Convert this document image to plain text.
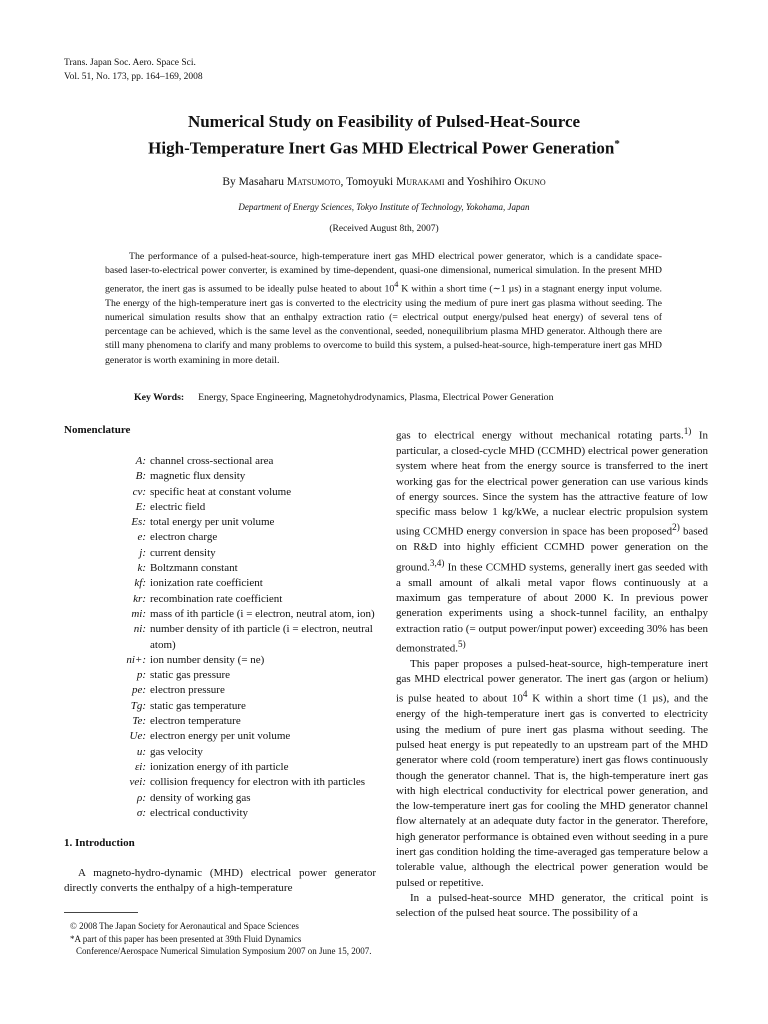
Trans. Japan Soc. Aero. Space Sci.
Vol. 51, No. 173, pp. 164–169, 2008
Numerical Study on Feasibility of Pulsed-Heat-Source
High-Temperature Inert Gas MHD Electrical Power Generation*
By Masaharu Matsumoto, Tomoyuki Murakami and Yoshihiro Okuno
Department of Energy Sciences, Tokyo Institute of Technology, Yokohama, Japan
(Received August 8th, 2007)
The performance of a pulsed-heat-source, high-temperature inert gas MHD electrical power generator, which is a candidate space-based laser-to-electrical power converter, is examined by time-dependent, quasi-one dimensional, numerical simulation. In the present MHD generator, the inert gas is assumed to be ideally pulse heated to about $10^4$ K within a short time (∼1 µs) in a stagnant energy input volume. The energy of the high-temperature inert gas is converted to the electricity using the medium of pure inert gas plasma without seeding. The numerical simulation results show that an enthalpy extraction ratio (= electrical output energy/pulsed heat energy) of several tens of percentage can be achieved, which is the same level as the conventional, seeded, nonequilibrium plasma MHD generator. Although there are still many phenomena to clarify and many problems to overcome to build this system, a pulsed-heat-source, high-temperature inert gas MHD generator is worth examining in more detail.
Key Words: Energy, Space Engineering, Magnetohydrodynamics, Plasma, Electrical Power Generation
Nomenclature
A: channel cross-sectional area
B: magnetic flux density
cv: specific heat at constant volume
E: electric field
Es: total energy per unit volume
e: electron charge
j: current density
k: Boltzmann constant
kf: ionization rate coefficient
kr: recombination rate coefficient
mi: mass of ith particle (i = electron, neutral atom, ion)
ni: number density of ith particle (i = electron, neutral atom)
ni+: ion number density (= ne)
p: static gas pressure
pe: electron pressure
Tg: static gas temperature
Te: electron temperature
Ue: electron energy per unit volume
u: gas velocity
εi: ionization energy of ith particle
νei: collision frequency for electron with ith particles
ρ: density of working gas
σ: electrical conductivity
1. Introduction
A magneto-hydro-dynamic (MHD) electrical power generator directly converts the enthalpy of a high-temperature
© 2008 The Japan Society for Aeronautical and Space Sciences
*A part of this paper has been presented at 39th Fluid Dynamics Conference/Aerospace Numerical Simulation Symposium 2007 on June 15, 2007.

gas to electrical energy without mechanical rotating parts.$^{1)}$ In particular, a closed-cycle MHD (CCMHD) electrical power generation system where heat from the energy source is transferred to the inert working gas for the electrical power generation can use various kinds of energy sources. Since the system has the attractive feature of low specific mass below 1 kg/kWe, a nuclear electric propulsion system using CCMHD energy conversion in space has been proposed$^{2)}$ based on R&D into highly efficient CCMHD power generation on the ground.$^{3,4)}$ In these CCMHD systems, generally inert gas seeded with a small amount of alkali metal vapor flows continuously at a maximum gas temperature of about 2000 K. In previous power generation experiments using a shock-tunnel facility, an enthalpy extraction ratio (= output power/input power) exceeding 30% has been demonstrated.$^{5)}$

This paper proposes a pulsed-heat-source, high-temperature inert gas MHD electrical power generator. The inert gas (argon or helium) is pulse heated to about $10^4$ K within a short time (1 µs), and the energy of the high-temperature inert gas is converted to electricity using the medium of pure inert gas plasma without seeding. The pulsed heat energy is put repeatedly to an upstream part of the MHD generator where cold (room temperature) inert gas flows continuously though the generator channel. That is, the high-temperature inert gas with high electrical conductivity for electrical power generation, and the low-temperature inert gas for cooling the MHD generator channel flow alternately at an adequate duty factor in the generator. Therefore, high generator performance is obtained even without seeding in a pure inert gas condition holding the time-averaged gas temperature below a tolerable value, although the electrical power generation would be pulsed or repetitive.

In a pulsed-heat-source MHD generator, the critical point is selection of the pulsed heat source. The possibility of a
